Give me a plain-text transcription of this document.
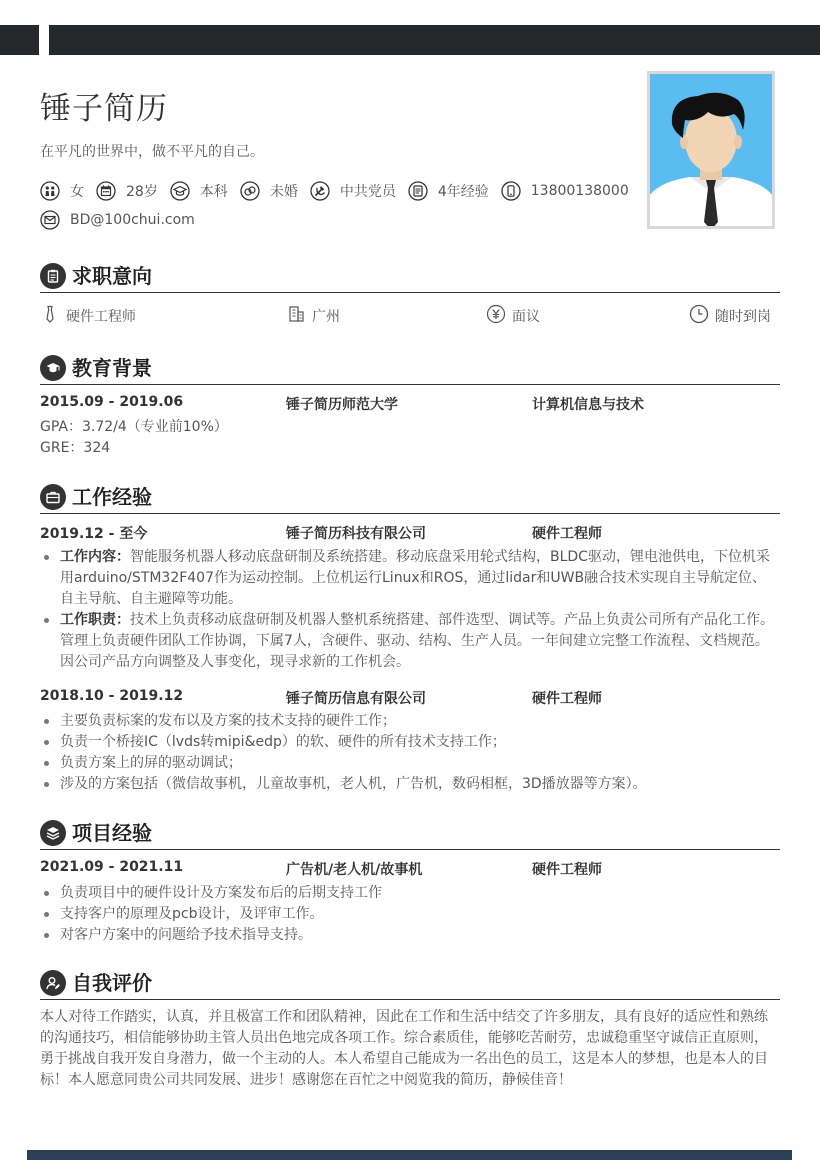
锤子简历
在平凡的世界中，做不平凡的自己。
女	28岁	本科	未婚	中共党员	4年经验	13800138000
BD@100chui.com
求职意向
硬件工程师	广州	面议	随时到岗
教育背景
2015.09 - 2019.06	锤子简历师范大学	计算机信息与技术
GPA：3.72/4（专业前10%）
GRE：324
工作经验
2019.12 - 至今	锤子简历科技有限公司	硬件工程师
工作内容：智能服务机器人移动底盘研制及系统搭建。移动底盘采用轮式结构，BLDC驱动，锂电池供电，下位机采用arduino/STM32F407作为运动控制。上位机运行Linux和ROS，通过lidar和UWB融合技术实现自主导航定位、自主导航、自主避障等功能。
工作职责：技术上负责移动底盘研制及机器人整机系统搭建、部件选型、调试等。产品上负责公司所有产品化工作。管理上负责硬件团队工作协调，下属7人，含硬件、驱动、结构、生产人员。一年间建立完整工作流程、文档规范。因公司产品方向调整及人事变化，现寻求新的工作机会。
2018.10 - 2019.12	锤子简历信息有限公司	硬件工程师
主要负责标案的发布以及方案的技术支持的硬件工作；
负责一个桥接IC（lvds转mipi&edp）的软、硬件的所有技术支持工作；
负责方案上的屏的驱动调试；
涉及的方案包括（微信故事机，儿童故事机，老人机，广告机，数码相框，3D播放器等方案）。
项目经验
2021.09 - 2021.11	广告机/老人机/故事机	硬件工程师
负责项目中的硬件设计及方案发布后的后期支持工作
支持客户的原理及pcb设计，及评审工作。
对客户方案中的问题给予技术指导支持。
自我评价
本人对待工作踏实，认真，并且极富工作和团队精神，因此在工作和生活中结交了许多朋友，具有良好的适应性和熟练的沟通技巧，相信能够协助主管人员出色地完成各项工作。综合素质佳，能够吃苦耐劳，忠诚稳重坚守诚信正直原则，勇于挑战自我开发自身潜力，做一个主动的人。本人希望自己能成为一名出色的员工，这是本人的梦想，也是本人的目标！本人愿意同贵公司共同发展、进步！感谢您在百忙之中阅览我的简历，静候佳音！
